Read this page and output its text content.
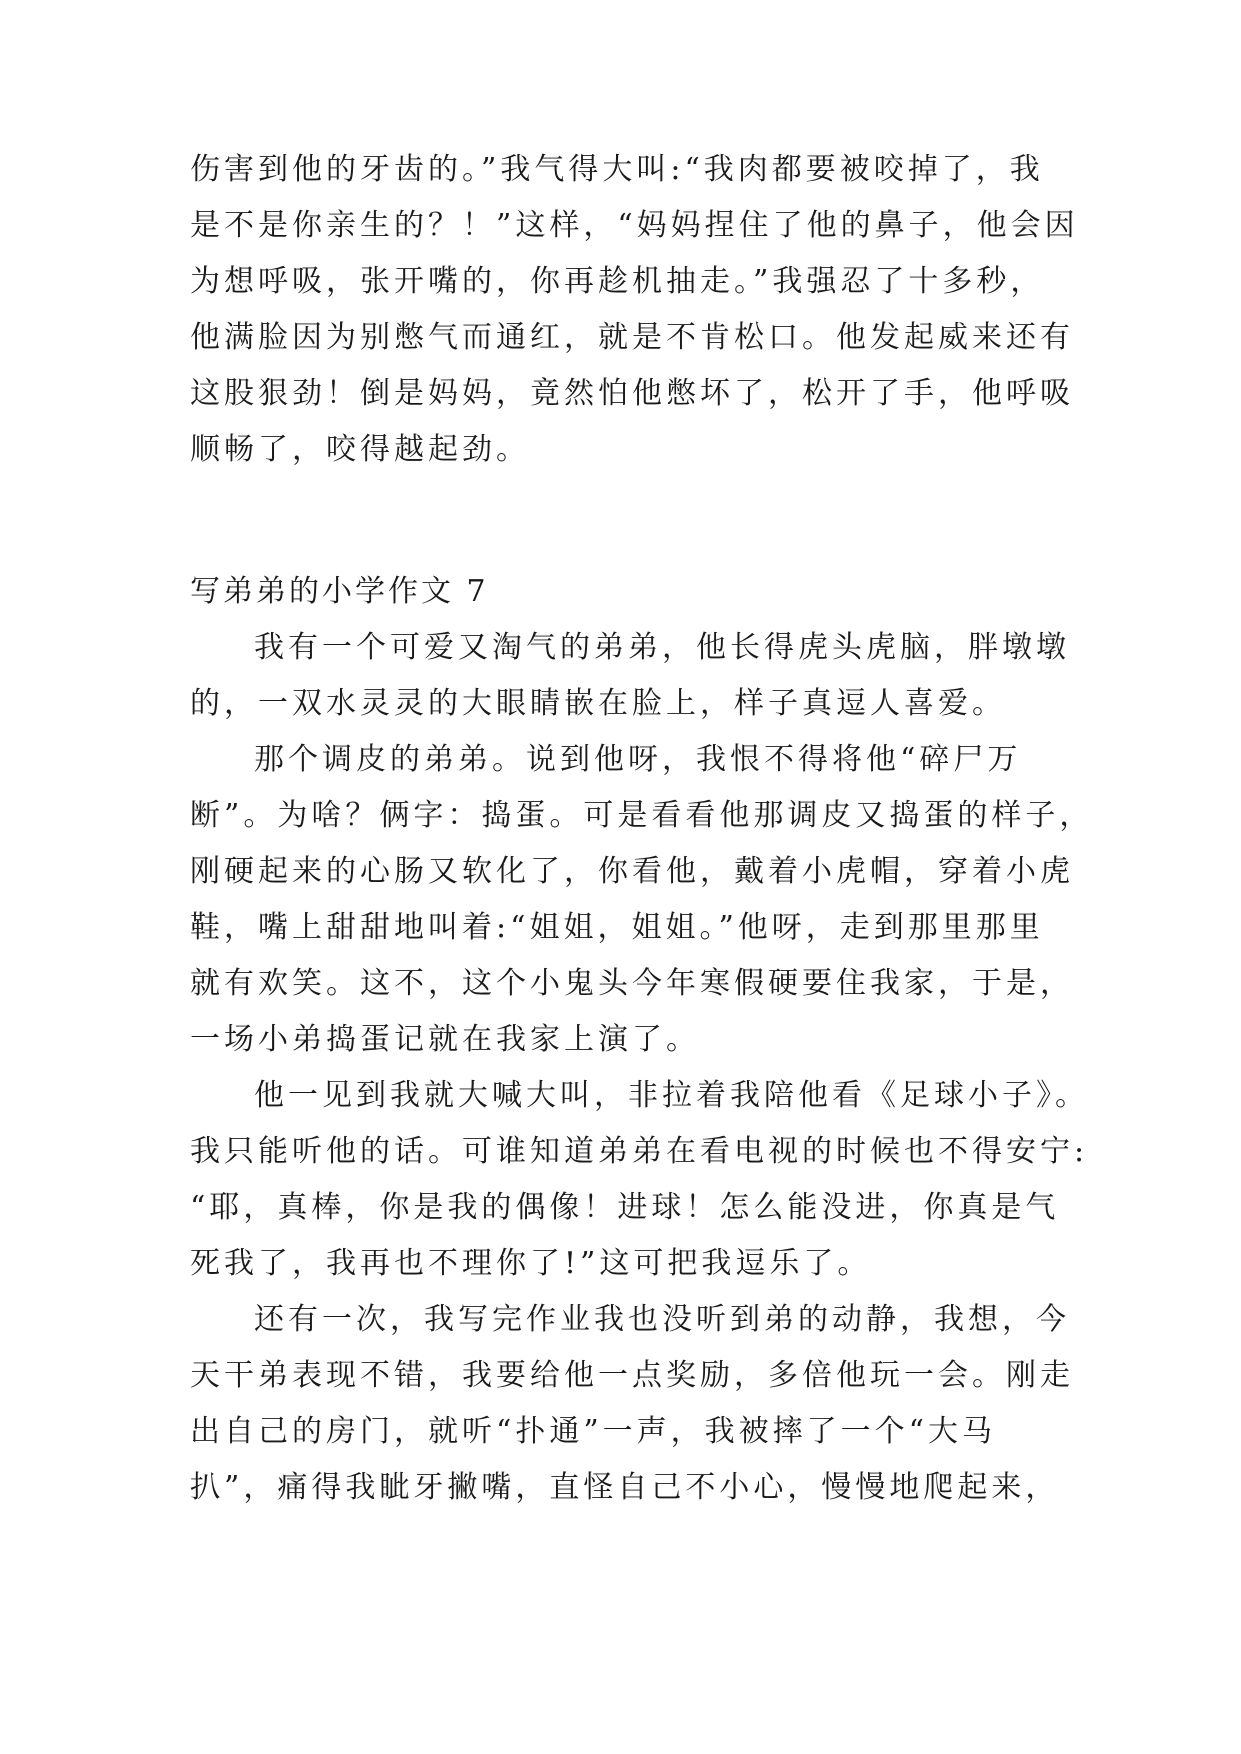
伤害到他的牙齿的。”我气得大叫:“我肉都要被咬掉了，我
是不是你亲生的？！”这样，“妈妈捏住了他的鼻子，他会因
为想呼吸，张开嘴的，你再趁机抽走。”我强忍了十多秒，
他满脸因为别憋气而通红，就是不肯松口。他发起威来还有
这股狠劲！倒是妈妈，竟然怕他憋坏了，松开了手，他呼吸
顺畅了，咬得越起劲。
写弟弟的小学作文 7
我有一个可爱又淘气的弟弟，他长得虎头虎脑，胖墩墩
的，一双水灵灵的大眼睛嵌在脸上，样子真逗人喜爱。
那个调皮的弟弟。说到他呀，我恨不得将他“碎尸万
断”。为啥？俩字：捣蛋。可是看看他那调皮又捣蛋的样子，
刚硬起来的心肠又软化了，你看他，戴着小虎帽，穿着小虎
鞋，嘴上甜甜地叫着:“姐姐，姐姐。”他呀，走到那里那里
就有欢笑。这不，这个小鬼头今年寒假硬要住我家，于是，
一场小弟捣蛋记就在我家上演了。
他一见到我就大喊大叫，非拉着我陪他看《足球小子》。
我只能听他的话。可谁知道弟弟在看电视的时候也不得安宁:
“耶，真棒，你是我的偶像！进球！怎么能没进，你真是气
死我了，我再也不理你了!”这可把我逗乐了。
还有一次，我写完作业我也没听到弟的动静，我想，今
天干弟表现不错，我要给他一点奖励，多倍他玩一会。刚走
出自己的房门，就听“扑通”一声，我被摔了一个“大马
扒”，痛得我眦牙撇嘴，直怪自己不小心，慢慢地爬起来，
